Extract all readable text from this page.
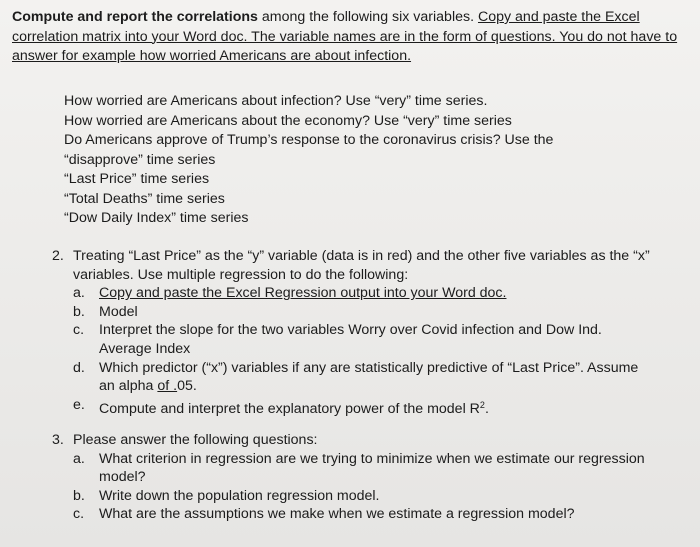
Compute and report the correlations among the following six variables. Copy and paste the Excel correlation matrix into your Word doc. The variable names are in the form of questions. You do not have to answer for example how worried Americans are about infection.
How worried are Americans about infection? Use “very” time series.
How worried are Americans about the economy? Use “very” time series
Do Americans approve of Trump’s response to the coronavirus crisis? Use the “disapprove” time series
“Last Price” time series
“Total Deaths” time series
“Dow Daily Index” time series
2. Treating “Last Price” as the “y” variable (data is in red) and the other five variables as the “x” variables. Use multiple regression to do the following:
a. Copy and paste the Excel Regression output into your Word doc.
b. Model
c. Interpret the slope for the two variables Worry over Covid infection and Dow Ind. Average Index
d. Which predictor (“x”) variables if any are statistically predictive of “Last Price”. Assume an alpha of .05.
e. Compute and interpret the explanatory power of the model $R^2$.
3. Please answer the following questions:
a. What criterion in regression are we trying to minimize when we estimate our regression model?
b. Write down the population regression model.
c. What are the assumptions we make when we estimate a regression model?
